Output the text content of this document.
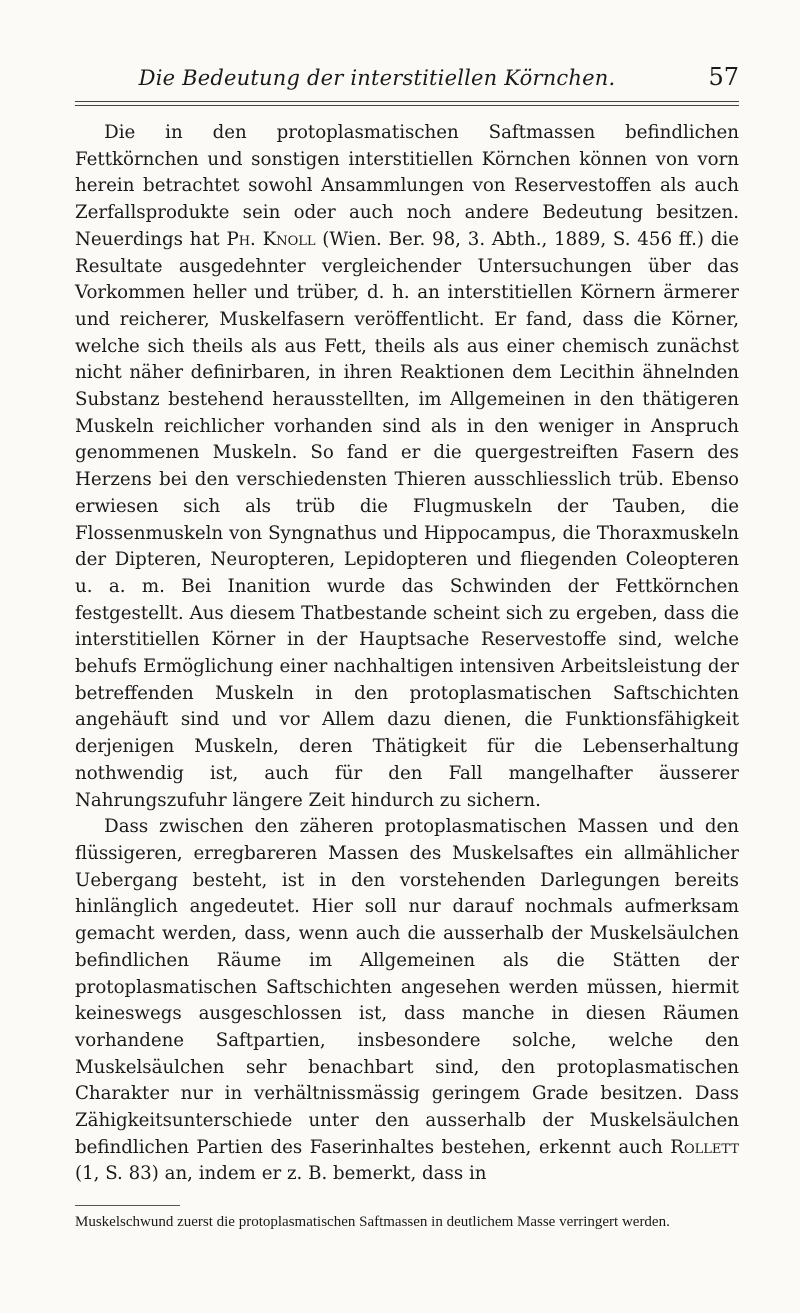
Die Bedeutung der interstitiellen Körnchen.	57

Die in den protoplasmatischen Saftmassen befindlichen Fettkörnchen und sonstigen interstitiellen Körnchen können von vorn herein betrachtet sowohl Ansammlungen von Reservestoffen als auch Zerfallsprodukte sein oder auch noch andere Bedeutung besitzen. Neuerdings hat Ph. Knoll (Wien. Ber. 98, 3. Abth., 1889, S. 456 ff.) die Resultate ausgedehnter vergleichender Untersuchungen über das Vorkommen heller und trüber, d. h. an interstitiellen Körnern ärmerer und reicherer, Muskelfasern veröffentlicht. Er fand, dass die Körner, welche sich theils als aus Fett, theils als aus einer chemisch zunächst nicht näher definirbaren, in ihren Reaktionen dem Lecithin ähnelnden Substanz bestehend herausstellten, im Allgemeinen in den thätigeren Muskeln reichlicher vorhanden sind als in den weniger in Anspruch genommenen Muskeln. So fand er die quergestreiften Fasern des Herzens bei den verschiedensten Thieren ausschliesslich trüb. Ebenso erwiesen sich als trüb die Flugmuskeln der Tauben, die Flossenmuskeln von Syngnathus und Hippocampus, die Thoraxmuskeln der Dipteren, Neuropteren, Lepidopteren und fliegenden Coleopteren u. a. m. Bei Inanition wurde das Schwinden der Fettkörnchen festgestellt. Aus diesem Thatbestande scheint sich zu ergeben, dass die interstitiellen Körner in der Hauptsache Reservestoffe sind, welche behufs Ermöglichung einer nachhaltigen intensiven Arbeitsleistung der betreffenden Muskeln in den protoplasmatischen Saftschichten angehäuft sind und vor Allem dazu dienen, die Funktionsfähigkeit derjenigen Muskeln, deren Thätigkeit für die Lebenserhaltung nothwendig ist, auch für den Fall mangelhafter äusserer Nahrungszufuhr längere Zeit hindurch zu sichern.

Dass zwischen den zäheren protoplasmatischen Massen und den flüssigeren, erregbareren Massen des Muskelsaftes ein allmählicher Uebergang besteht, ist in den vorstehenden Darlegungen bereits hinlänglich angedeutet. Hier soll nur darauf nochmals aufmerksam gemacht werden, dass, wenn auch die ausserhalb der Muskelsäulchen befindlichen Räume im Allgemeinen als die Stätten der protoplasmatischen Saftschichten angesehen werden müssen, hiermit keineswegs ausgeschlossen ist, dass manche in diesen Räumen vorhandene Saftpartien, insbesondere solche, welche den Muskelsäulchen sehr benachbart sind, den protoplasmatischen Charakter nur in verhältnissmässig geringem Grade besitzen. Dass Zähigkeitsunterschiede unter den ausserhalb der Muskelsäulchen befindlichen Partien des Faserinhaltes bestehen, erkennt auch Rollett (1, S. 83) an, indem er z. B. bemerkt, dass in

Muskelschwund zuerst die protoplasmatischen Saftmassen in deutlichem Masse verringert werden.
